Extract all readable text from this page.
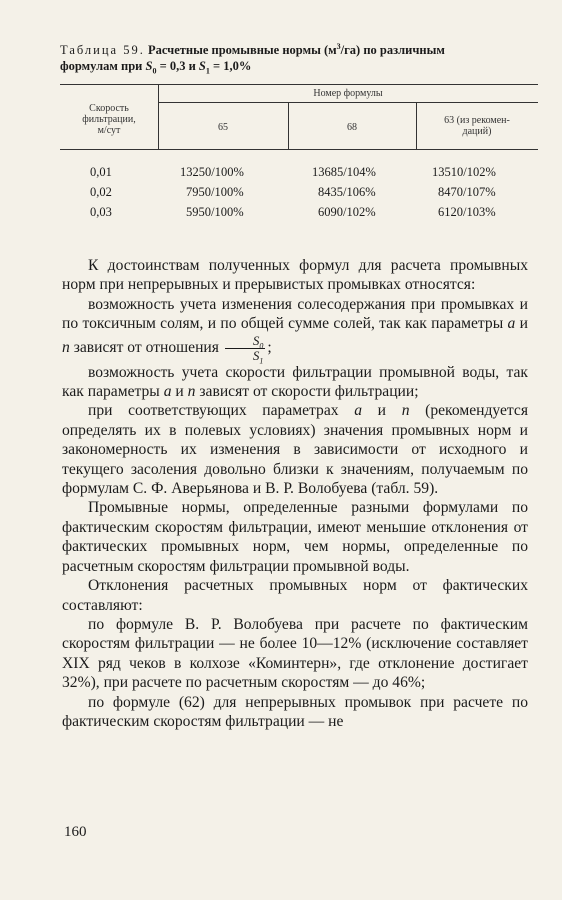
Таблица 59. Расчетные промывные нормы $(м^3/га)$ по различным
формулам при $S_0 = 0,3$ и $S_1 = 1,0\%$
Скорость
фильтрации,
м/сут
Номер формулы
65	68
63 (из рекомен-
даций)
0,01	13250/100%	13685/104%	13510/102%
0,02	7950/100%	8435/106%	8470/107%
0,03	5950/100%	6090/102%	6120/103%

К достоинствам полученных формул для расчета промывных норм при непрерывных и прерывистых промывках относятся:

возможность учета изменения солесодержания при промывках и по токсичным солям, и по общей сумме солей, так как параметры а и n зависят от отношения $\frac{S_0}{S_1}$ ;

возможность учета скорости фильтрации промывной воды, так как параметры а и n зависят от скорости фильтрации;

при соответствующих параметрах а и n (рекомендуется определять их в полевых условиях) значения промывных норм и закономерность их изменения в зависимости от исходного и текущего засоления довольно близки к значениям, получаемым по формулам С. Ф. Аверьянова и В. Р. Волобуева (табл. 59).

Промывные нормы, определенные разными формулами по фактическим скоростям фильтрации, имеют меньшие отклонения от фактических промывных норм, чем нормы, определенные по расчетным скоростям фильтрации промывной воды.

Отклонения расчетных промывных норм от фактических составляют:

по формуле В. Р. Волобуева при расчете по фактическим скоростям фильтрации — не более 10—12% (исключение составляет XIX ряд чеков в колхозе «Коминтерн», где отклонение достигает 32%), при расчете по расчетным скоростям — до 46%;

по формуле (62) для непрерывных промывок при расчете по фактическим скоростям фильтрации — не

160
